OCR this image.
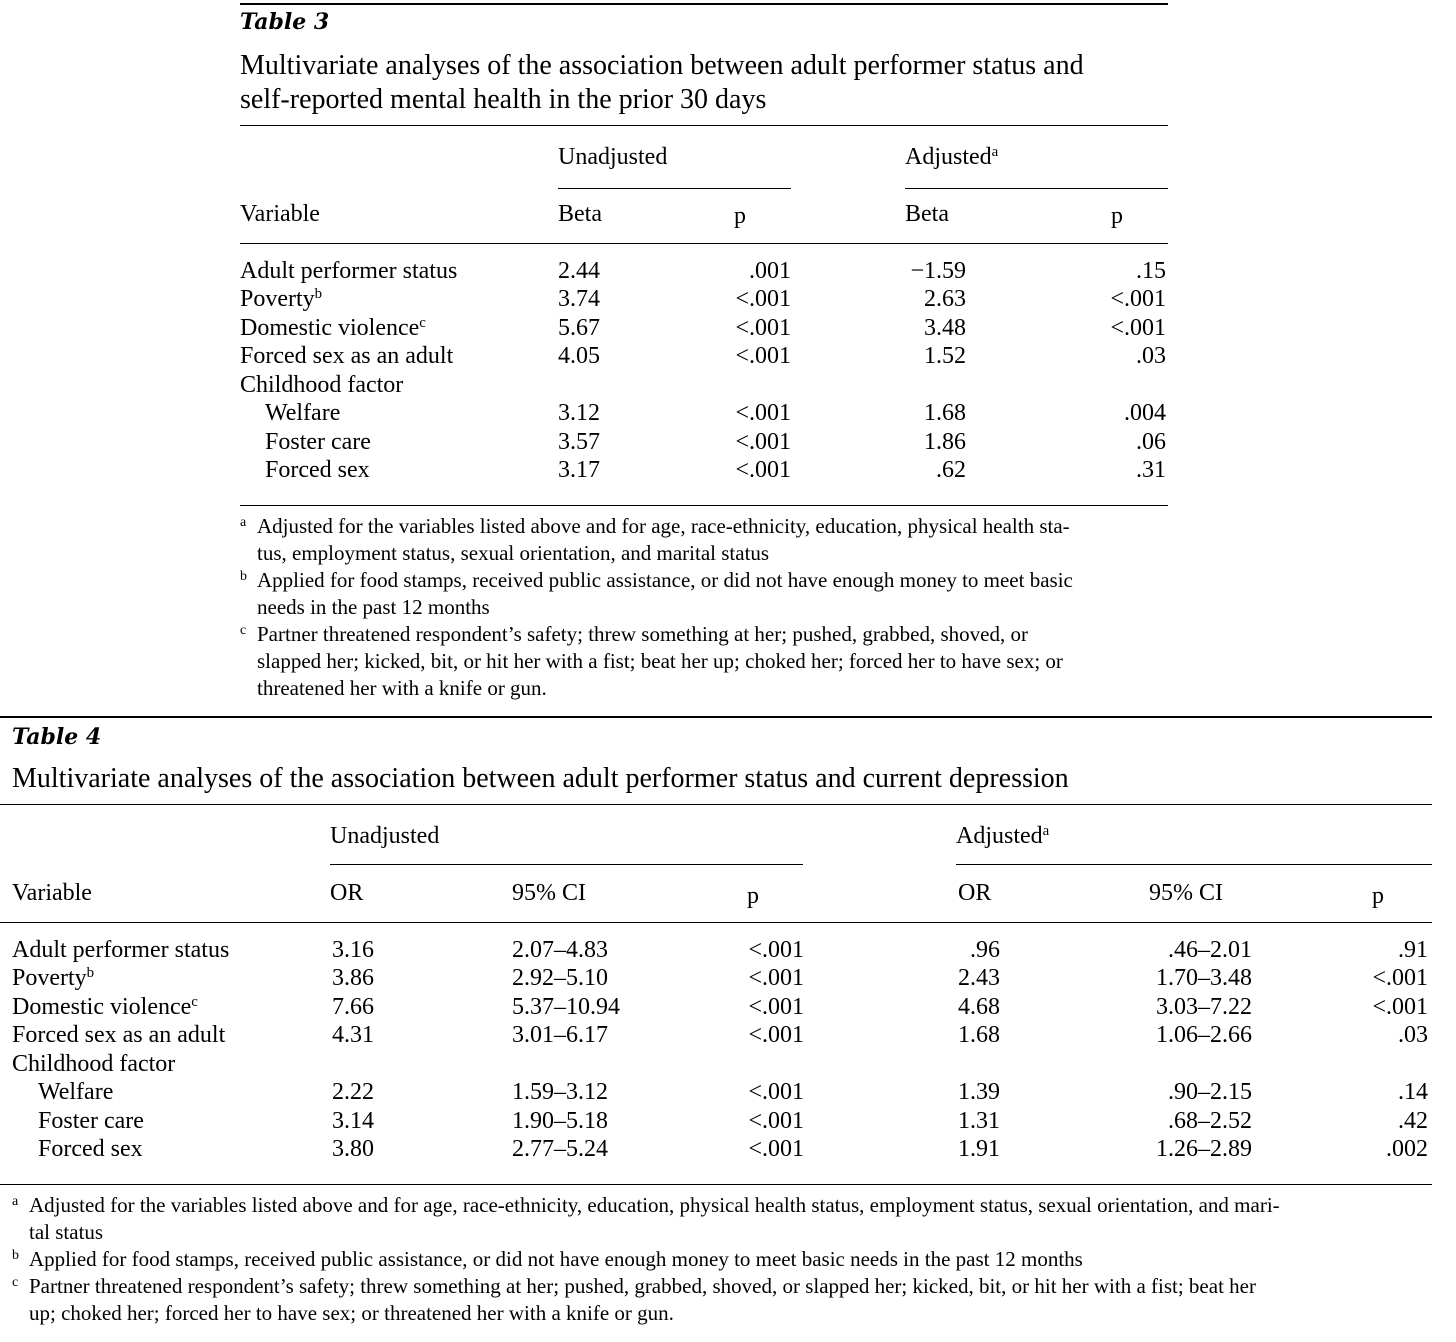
Table 3
Multivariate analyses of the association between adult performer status and
self-reported mental health in the prior 30 days
Unadjusted	Adjusted$^a$
Variable	Beta	p	Beta	p
Adult performer status	2.44	.001	−1.59	.15
Poverty$^b$	3.74	<.001	2.63	<.001
Domestic violence$^c$	5.67	<.001	3.48	<.001
Forced sex as an adult	4.05	<.001	1.52	.03
Childhood factor
Welfare	3.12	<.001	1.68	.004
Foster care	3.57	<.001	1.86	.06
Forced sex	3.17	<.001	.62	.31
a Adjusted for the variables listed above and for age, race-ethnicity, education, physical health sta-
tus, employment status, sexual orientation, and marital status
b Applied for food stamps, received public assistance, or did not have enough money to meet basic
needs in the past 12 months
c Partner threatened respondent’s safety; threw something at her; pushed, grabbed, shoved, or
slapped her; kicked, bit, or hit her with a fist; beat her up; choked her; forced her to have sex; or
threatened her with a knife or gun.
Table 4
Multivariate analyses of the association between adult performer status and current depression
Unadjusted	Adjusted$^a$
Variable	OR	95% CI	p	OR	95% CI	p
Adult performer status	3.16	2.07–4.83	<.001	.96	.46–2.01	.91
Poverty$^b$	3.86	2.92–5.10	<.001	2.43	1.70–3.48	<.001
Domestic violence$^c$	7.66	5.37–10.94	<.001	4.68	3.03–7.22	<.001
Forced sex as an adult	4.31	3.01–6.17	<.001	1.68	1.06–2.66	.03
Childhood factor
Welfare	2.22	1.59–3.12	<.001	1.39	.90–2.15	.14
Foster care	3.14	1.90–5.18	<.001	1.31	.68–2.52	.42
Forced sex	3.80	2.77–5.24	<.001	1.91	1.26–2.89	.002
a Adjusted for the variables listed above and for age, race-ethnicity, education, physical health status, employment status, sexual orientation, and mari-
tal status
b Applied for food stamps, received public assistance, or did not have enough money to meet basic needs in the past 12 months
c Partner threatened respondent’s safety; threw something at her; pushed, grabbed, shoved, or slapped her; kicked, bit, or hit her with a fist; beat her
up; choked her; forced her to have sex; or threatened her with a knife or gun.
